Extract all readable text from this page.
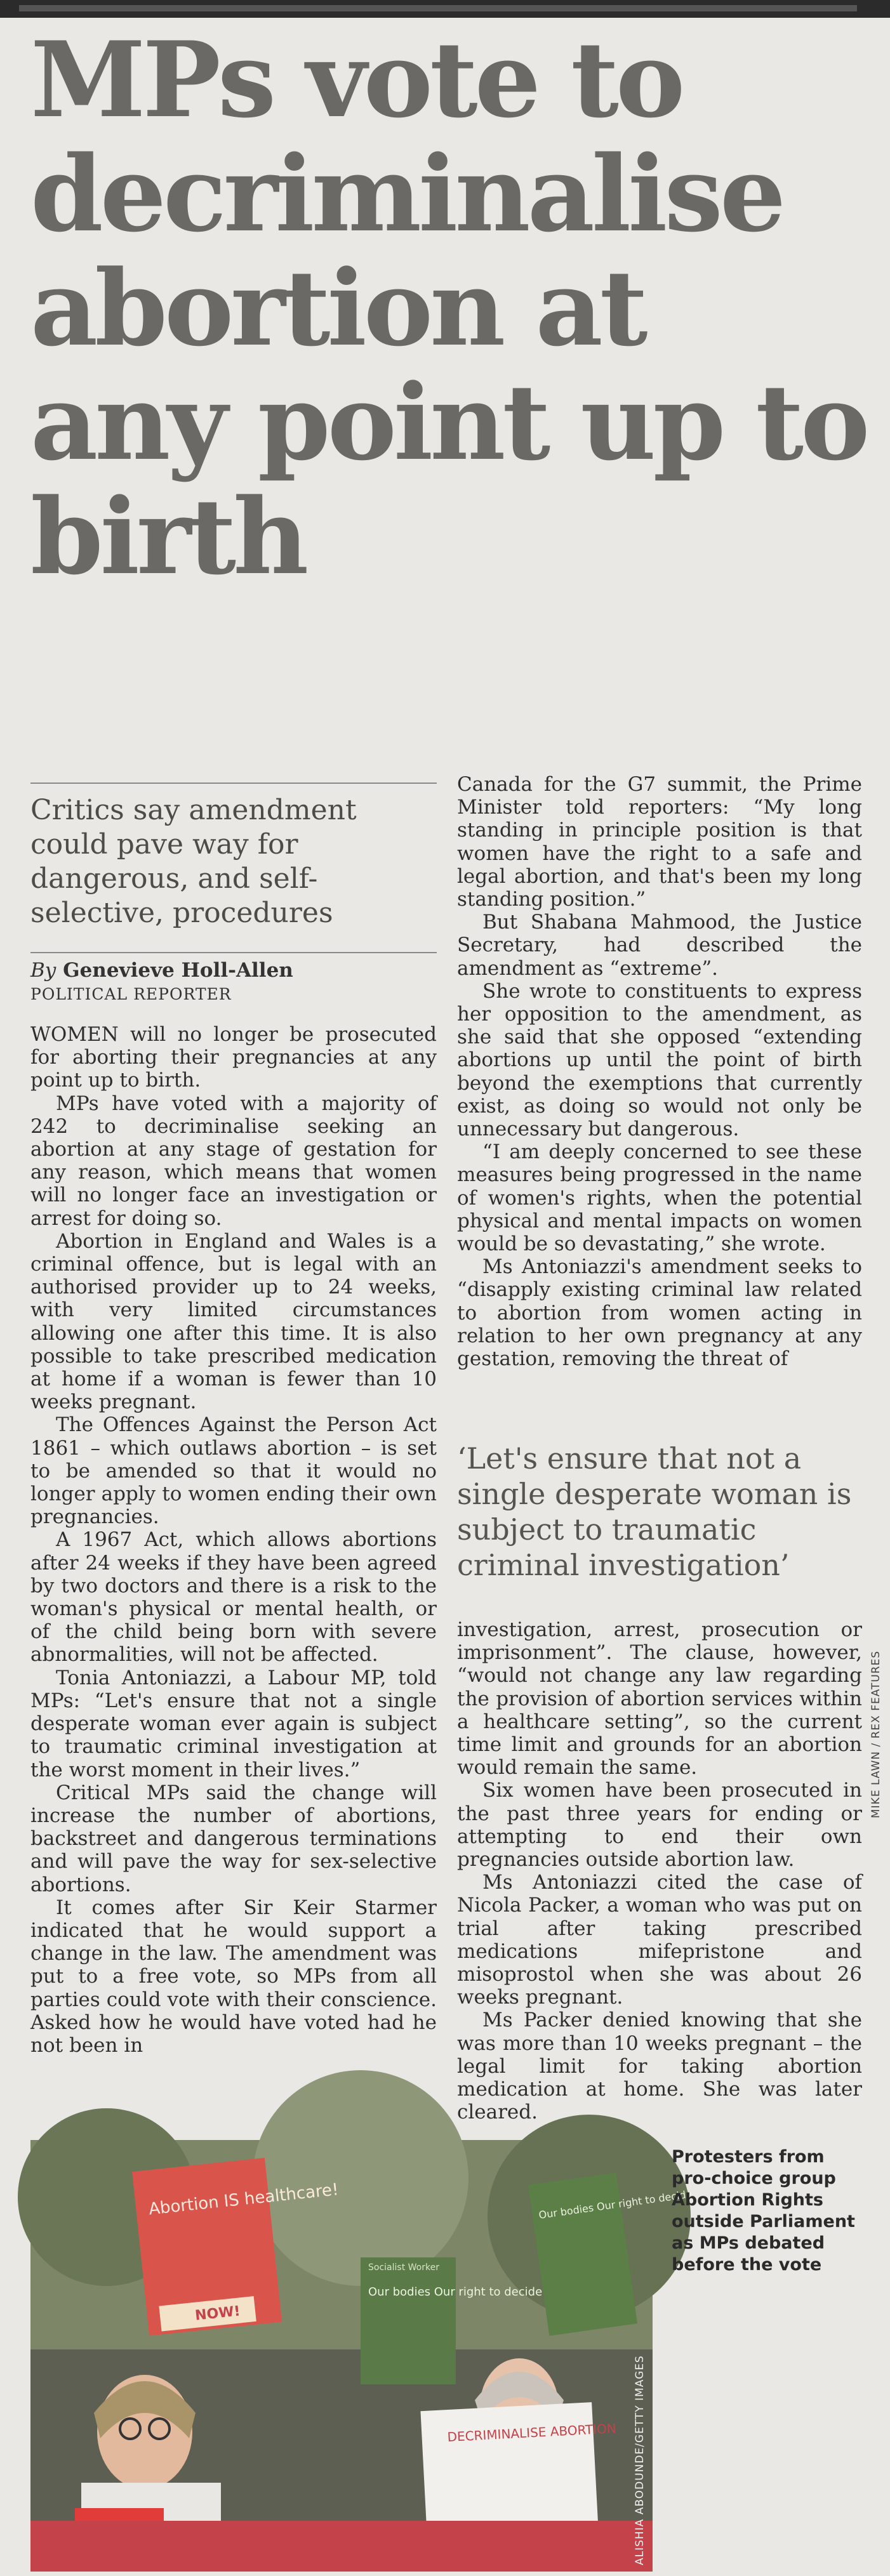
MPs vote to decriminalise abortion at any point up to birth

Critics say amendment could pave way for dangerous, and self-selective, procedures

By Genevieve Holl-Allen
POLITICAL REPORTER

WOMEN will no longer be prosecuted for aborting their pregnancies at any point up to birth.

MPs have voted with a majority of 242 to decriminalise seeking an abortion at any stage of gestation for any reason, which means that women will no longer face an investigation or arrest for doing so.

Abortion in England and Wales is a criminal offence, but is legal with an authorised provider up to 24 weeks, with very limited circumstances allowing one after this time. It is also possible to take prescribed medication at home if a woman is fewer than 10 weeks pregnant.

The Offences Against the Person Act 1861 – which outlaws abortion – is set to be amended so that it would no longer apply to women ending their own pregnancies.

A 1967 Act, which allows abortions after 24 weeks if they have been agreed by two doctors and there is a risk to the woman's physical or mental health, or of the child being born with severe abnormalities, will not be affected.

Tonia Antoniazzi, a Labour MP, told MPs: “Let's ensure that not a single desperate woman ever again is subject to traumatic criminal investigation at the worst moment in their lives.”

Critical MPs said the change will increase the number of abortions, backstreet and dangerous terminations and will pave the way for sex-selective abortions.

It comes after Sir Keir Starmer indicated that he would support a change in the law. The amendment was put to a free vote, so MPs from all parties could vote with their conscience. Asked how he would have voted had he not been in

Canada for the G7 summit, the Prime Minister told reporters: “My long standing in principle position is that women have the right to a safe and legal abortion, and that's been my long standing position.”

But Shabana Mahmood, the Justice Secretary, had described the amendment as “extreme”.

She wrote to constituents to express her opposition to the amendment, as she said that she opposed “extending abortions up until the point of birth beyond the exemptions that currently exist, as doing so would not only be unnecessary but dangerous.

“I am deeply concerned to see these measures being progressed in the name of women's rights, when the potential physical and mental impacts on women would be so devastating,” she wrote.

Ms Antoniazzi's amendment seeks to “disapply existing criminal law related to abortion from women acting in relation to her own pregnancy at any gestation, removing the threat of

‘Let's ensure that not a single desperate woman is subject to traumatic criminal investigation’

investigation, arrest, prosecution or imprisonment”. The clause, however, “would not change any law regarding the provision of abortion services within a healthcare setting”, so the current time limit and grounds for an abortion would remain the same.

Six women have been prosecuted in the past three years for ending or attempting to end their own pregnancies outside abortion law.

Ms Antoniazzi cited the case of Nicola Packer, a woman who was put on trial after taking prescribed medications mifepristone and misoprostol when she was about 26 weeks pregnant.

Ms Packer denied knowing that she was more than 10 weeks pregnant – the legal limit for taking abortion medication at home. She was later cleared.

MIKE LAWN / REX FEATURES
Abortion IS healthcare!
NOW!
Socialist Worker
Our bodies Our right to decide
Our bodies Our right to decide
DECRIMINALISE ABORTION ALISHIA ABODUNDE/GETTY IMAGES
Protesters from pro-choice group Abortion Rights outside Parliament as MPs debated before the vote
